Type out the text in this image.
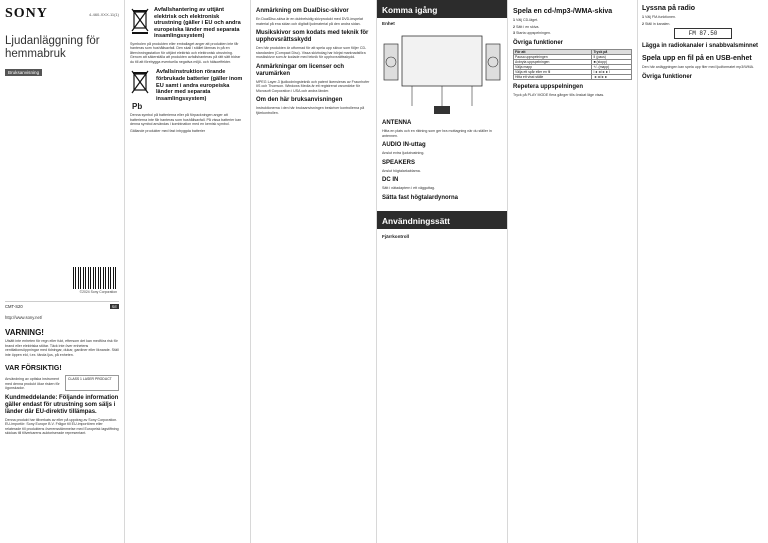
SONY	4-460-XXX-11(1)
Ljudanläggning för hemmabruk
Bruksanvisning
©2024 Sony Corporation
CMT-S20	SE
http://www.sony.net/
VARNING!
Utsätt inte enheten för regn eller fukt, eftersom det kan medföra risk för brand eller elektriska stötar. Täck inte över enhetens ventilationsöppningar med tidningar, dukar, gardiner eller liknande. Ställ inte öppen eld, t.ex. tända ljus, på enheten.
VAR FÖRSIKTIG!
Användning av optiska instrument med denna produkt ökar risken för ögonskador.
CLASS 1 LASER PRODUCT
Kundmeddelande: Följande information gäller endast för utrustning som säljs i länder där EU-direktiv tillämpas.
Denna produkt har tillverkats av eller på uppdrag av Sony Corporation. EU-importör: Sony Europe B.V. Frågor till EU-importören eller relaterade till produktens överensstämmelse med Europeisk lagstiftning skickas till tillverkarens auktoriserade representant.
Avfallshantering av uttjänt elektrisk och elektronisk utrustning (gäller i EU och andra europeiska länder med separata insamlingssystem)
Symbolen på produkten eller emballaget anger att produkten inte får hanteras som hushållsavfall. Den skall i stället lämnas in på en återvinningsstation för uttjänt elektrisk och elektronisk utrustning. Genom att säkerställa att produkten avfallshanteras på rätt sätt bidrar du till att förebygga eventuella negativa miljö- och hälsoeffekter.
Pb
Avfallsinstruktion rörande förbrukade batterier (gäller inom EU samt i andra europeiska länder med separata insamlingssystem)
Denna symbol på batterierna eller på förpackningen anger att batterierna inte får hanteras som hushållsavfall. På vissa batterier kan denna symbol användas i kombination med en kemisk symbol.
Gällande produkter med fast inbyggda batterier
Anmärkning om DualDisc-skivor
En DualDisc-skiva är en dubbelsidig skivprodukt med DVD-inspelat material på ena sidan och digitalt ljudmaterial på den andra sidan.
Musikskivor som kodats med teknik för upphovsrättsskydd
Den här produkten är utformad för att spela upp skivor som följer CD-standarden (Compact Disc). Vissa skivbolag har börjat marknadsföra musikskivor som är kodade med teknik för upphovsrättsskydd.
Anmärkningar om licenser och varumärken
MPEG Layer-3 ljudkodningsteknik och patent licensieras av Fraunhofer IIS och Thomson. Windows Media är ett registrerat varumärke för Microsoft Corporation i USA och andra länder.
Om den här bruksanvisningen
Instruktionerna i den här bruksanvisningen beskriver kontrollerna på fjärrkontrollen.
Komma igång
Enhet
ANTENNA
Hitta en plats och en riktning som ger bra mottagning när du ställer in antennen.
AUDIO IN-uttag
Anslut extra ljudutrustning.
SPEAKERS
Anslut högtalarkablarna.
DC IN
Sätt i nätadaptern i ett vägguttag.
Sätta fast högtalardynorna
Användningssätt
Fjärrkontroll
Spela en cd-/mp3-/WMA-skiva
1 Välj CD-läget.
2 Sätt i en skiva.
3 Starta uppspelningen.
Övriga funktioner
För att	Tryck på
Pausa uppspelningen	II (paus)
Avbryta uppspelningen	■ (stopp)
Välja mapp	+/- (mapp)
Välja ett spår eller en fil	I◄◄/►►I
Hitta ett visst ställe	◄◄/►►
Repetera uppspelningen
Tryck på PLAY MODE flera gånger tills önskat läge visas.
Lyssna på radio
1 Välj FM-funktionen.
2 Ställ in kanalen.
FM 87.50
Lägga in radiokanaler i snabbvalsminnet
Spela upp en fil på en USB-enhet
Den här anläggningen kan spela upp filer med ljudformatet mp3/WMA.
Övriga funktioner
